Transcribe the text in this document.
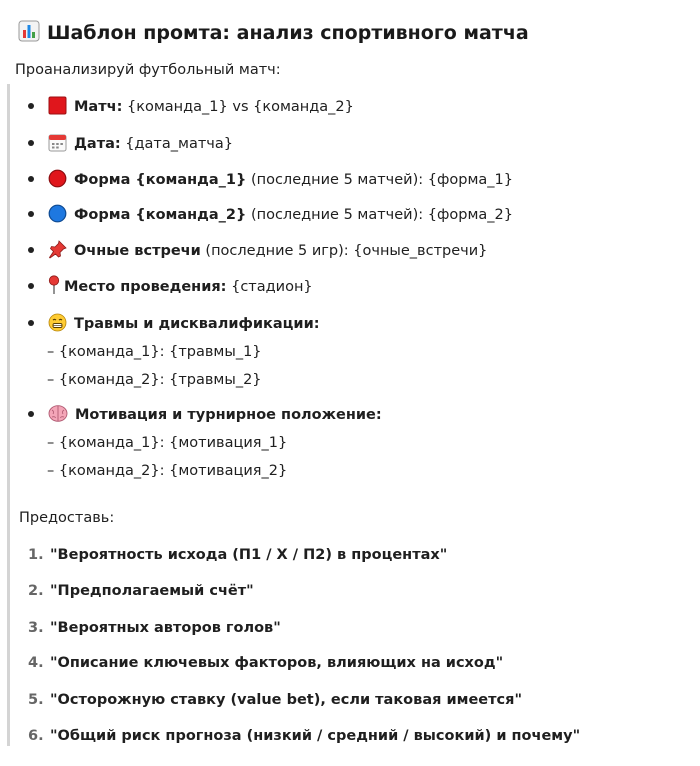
Шаблон промта: анализ спортивного матча
Проанализируй футбольный матч:
Матч: {команда_1} vs {команда_2}
Дата: {дата_матча}
Форма {команда_1} (последние 5 матчей): {форма_1}
Форма {команда_2} (последние 5 матчей): {форма_2}
Очные встречи (последние 5 игр): {очные_встречи}
Место проведения: {стадион}
Травмы и дисквалификации:
– {команда_1}: {травмы_1}
– {команда_2}: {травмы_2}
Мотивация и турнирное положение:
– {команда_1}: {мотивация_1}
– {команда_2}: {мотивация_2}
Предоставь:
1. "Вероятность исхода (П1 / X / П2) в процентах"
2. "Предполагаемый счёт"
3. "Вероятных авторов голов"
4. "Описание ключевых факторов, влияющих на исход"
5. "Осторожную ставку (value bet), если таковая имеется"
6. "Общий риск прогноза (низкий / средний / высокий) и почему"
